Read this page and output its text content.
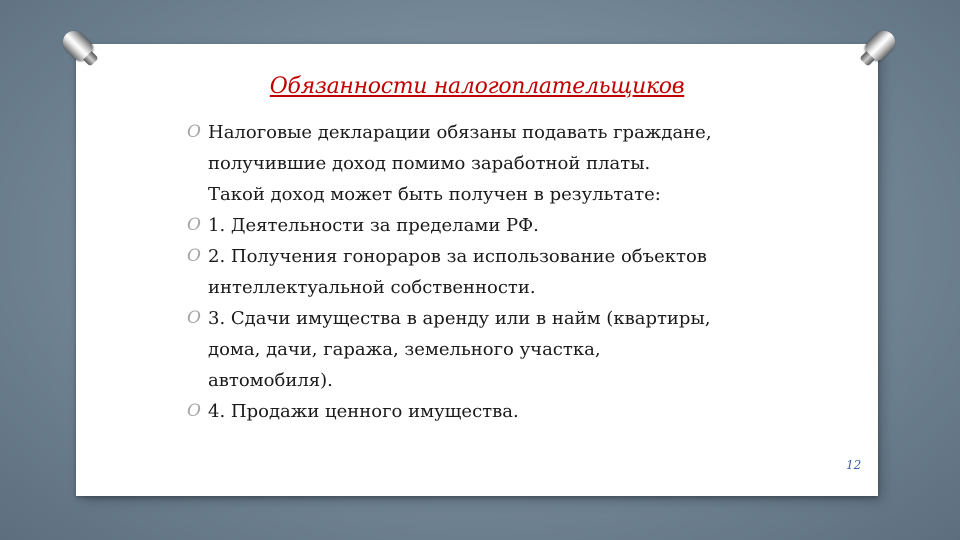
Обязанности налогоплательщиков
O Налоговые декларации обязаны подавать граждане,
получившие доход помимо заработной платы.
Такой доход может быть получен в результате:
O 1. Деятельности за пределами РФ.
O 2. Получения гонораров за использование объектов
интеллектуальной собственности.
O 3. Сдачи имущества в аренду или в найм (квартиры,
дома, дачи, гаража, земельного участка,
автомобиля).
O 4. Продажи ценного имущества.
12
